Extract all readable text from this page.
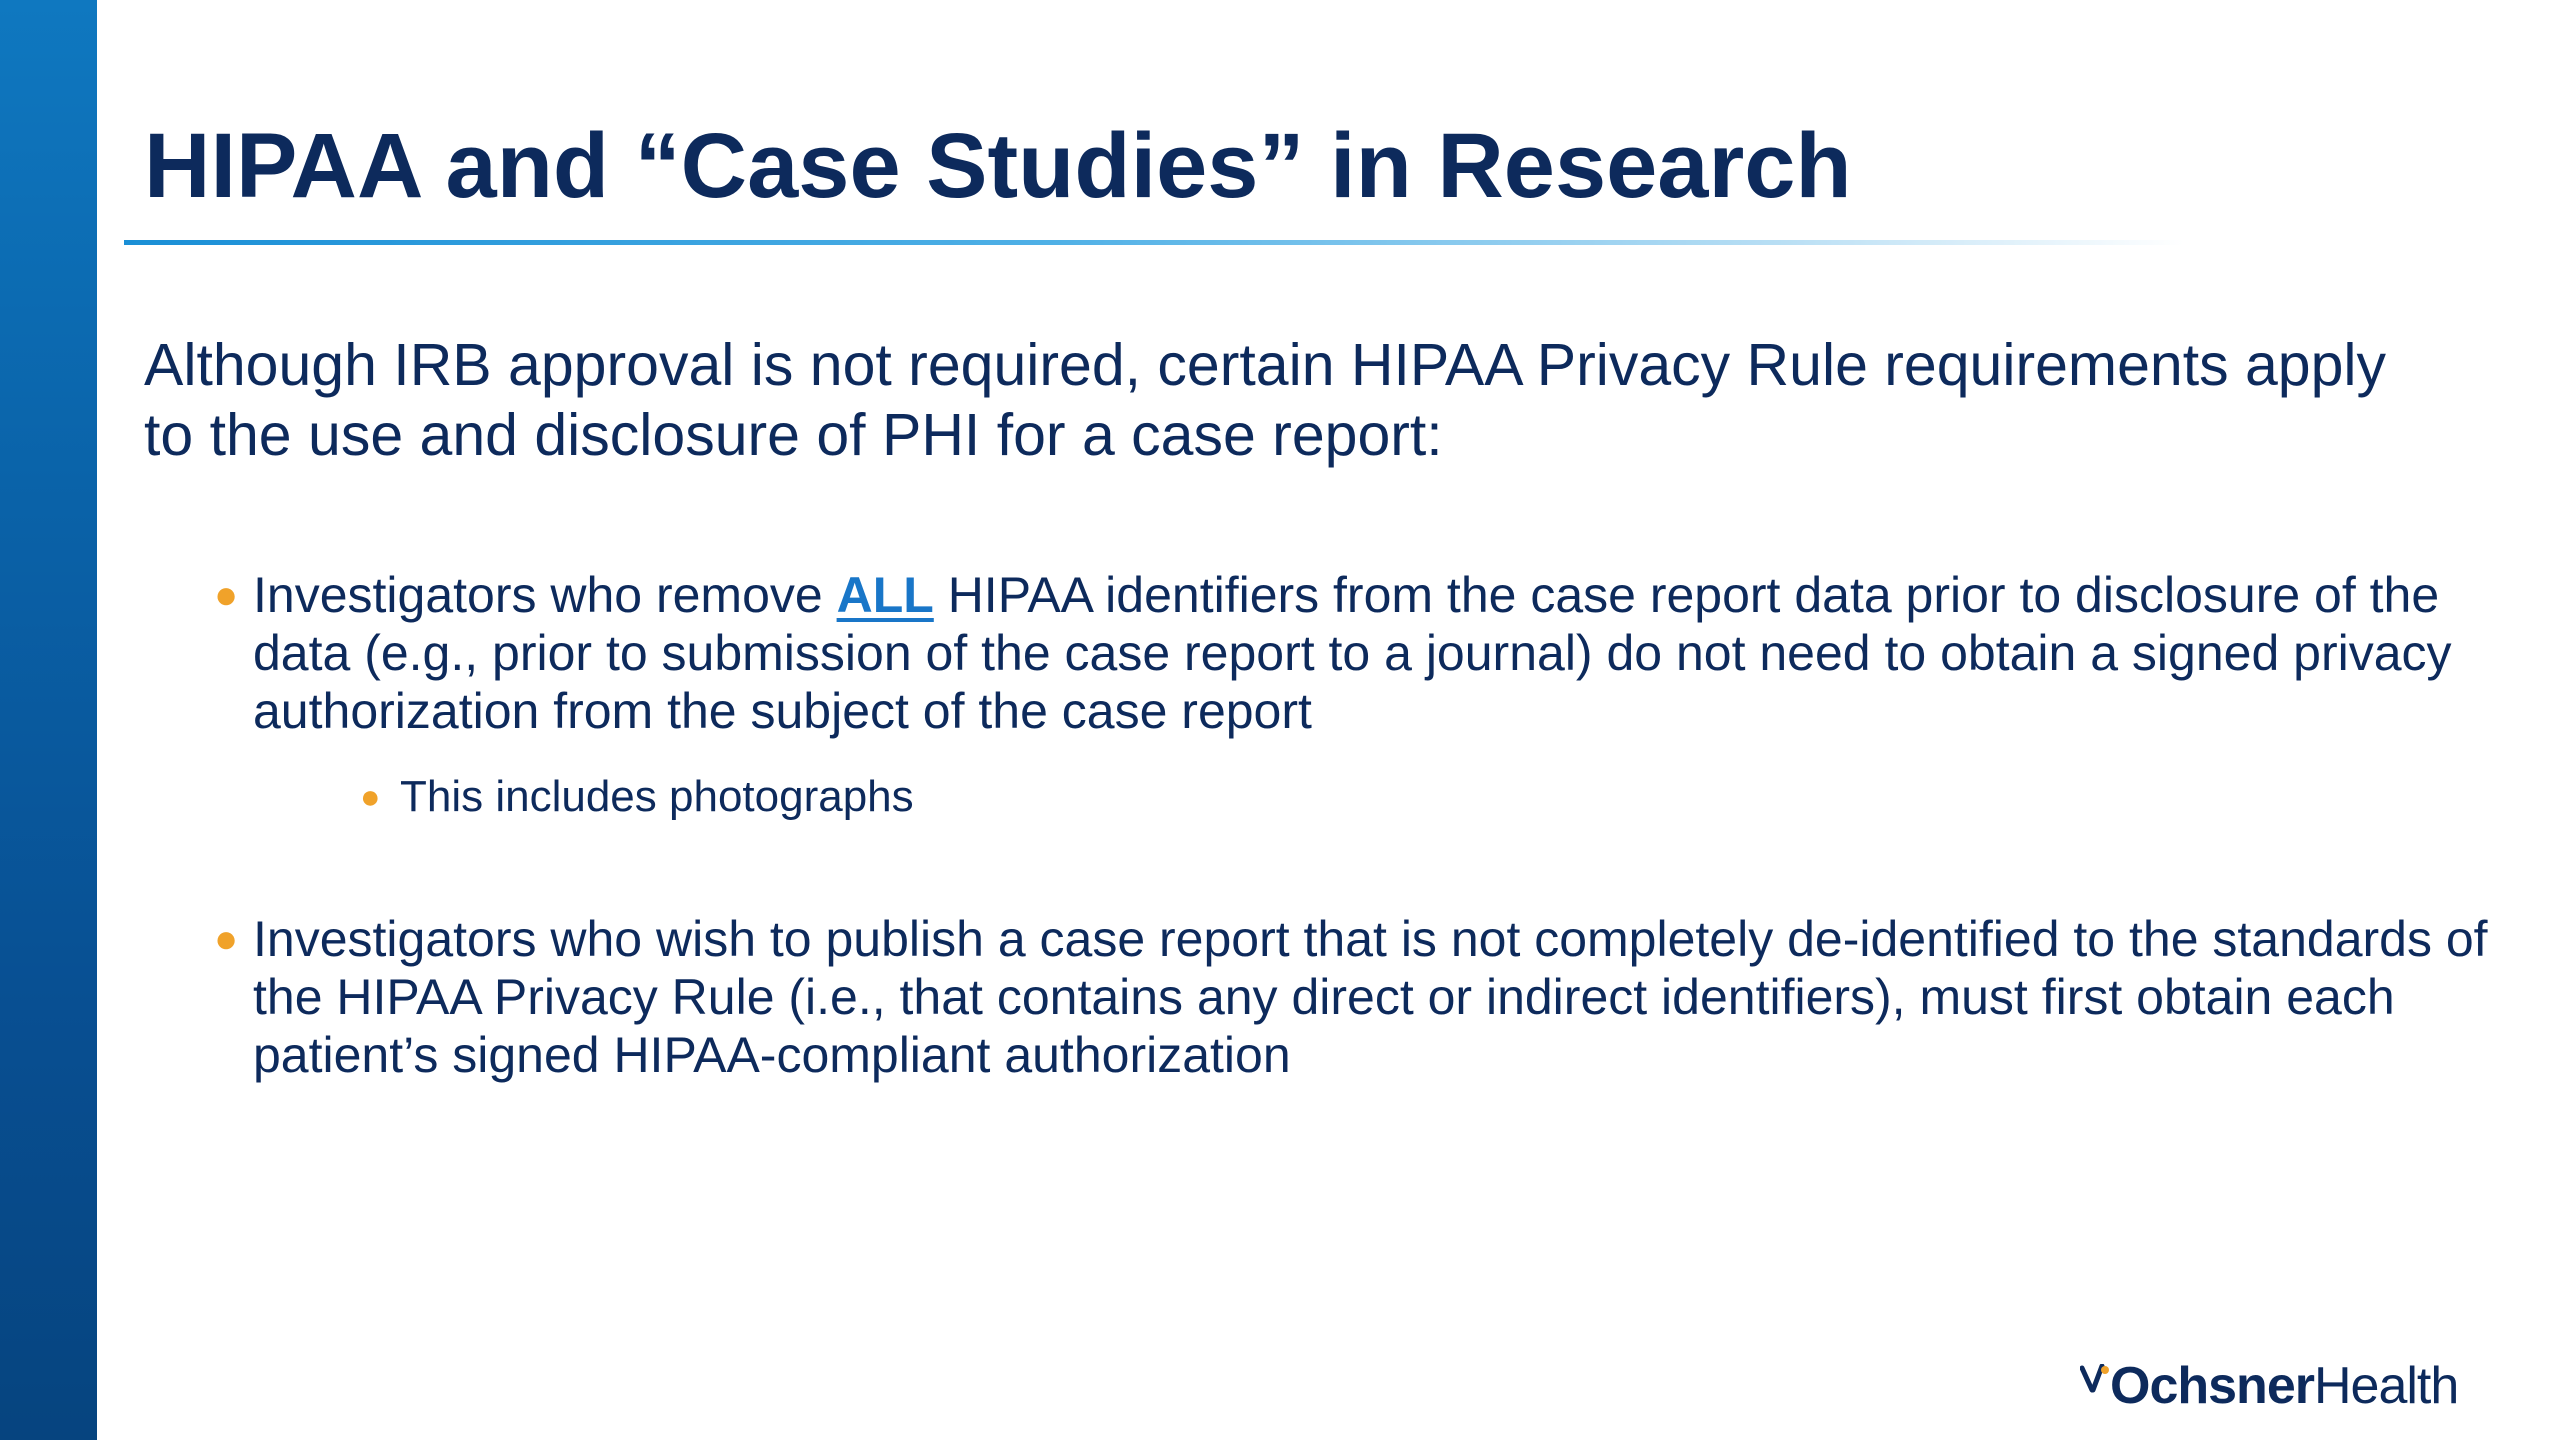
HIPAA and “Case Studies” in Research

Although IRB approval is not required, certain HIPAA Privacy Rule requirements apply to the use and disclosure of PHI for a case report:

● Investigators who remove ALL HIPAA identifiers from the case report data prior to disclosure of the data (e.g., prior to submission of the case report to a journal) do not need to obtain a signed privacy authorization from the subject of the case report
● This includes photographs
● Investigators who wish to publish a case report that is not completely de-identified to the standards of the HIPAA Privacy Rule (i.e., that contains any direct or indirect identifiers), must first obtain each patient’s signed HIPAA-compliant authorization
OchsnerHealth
